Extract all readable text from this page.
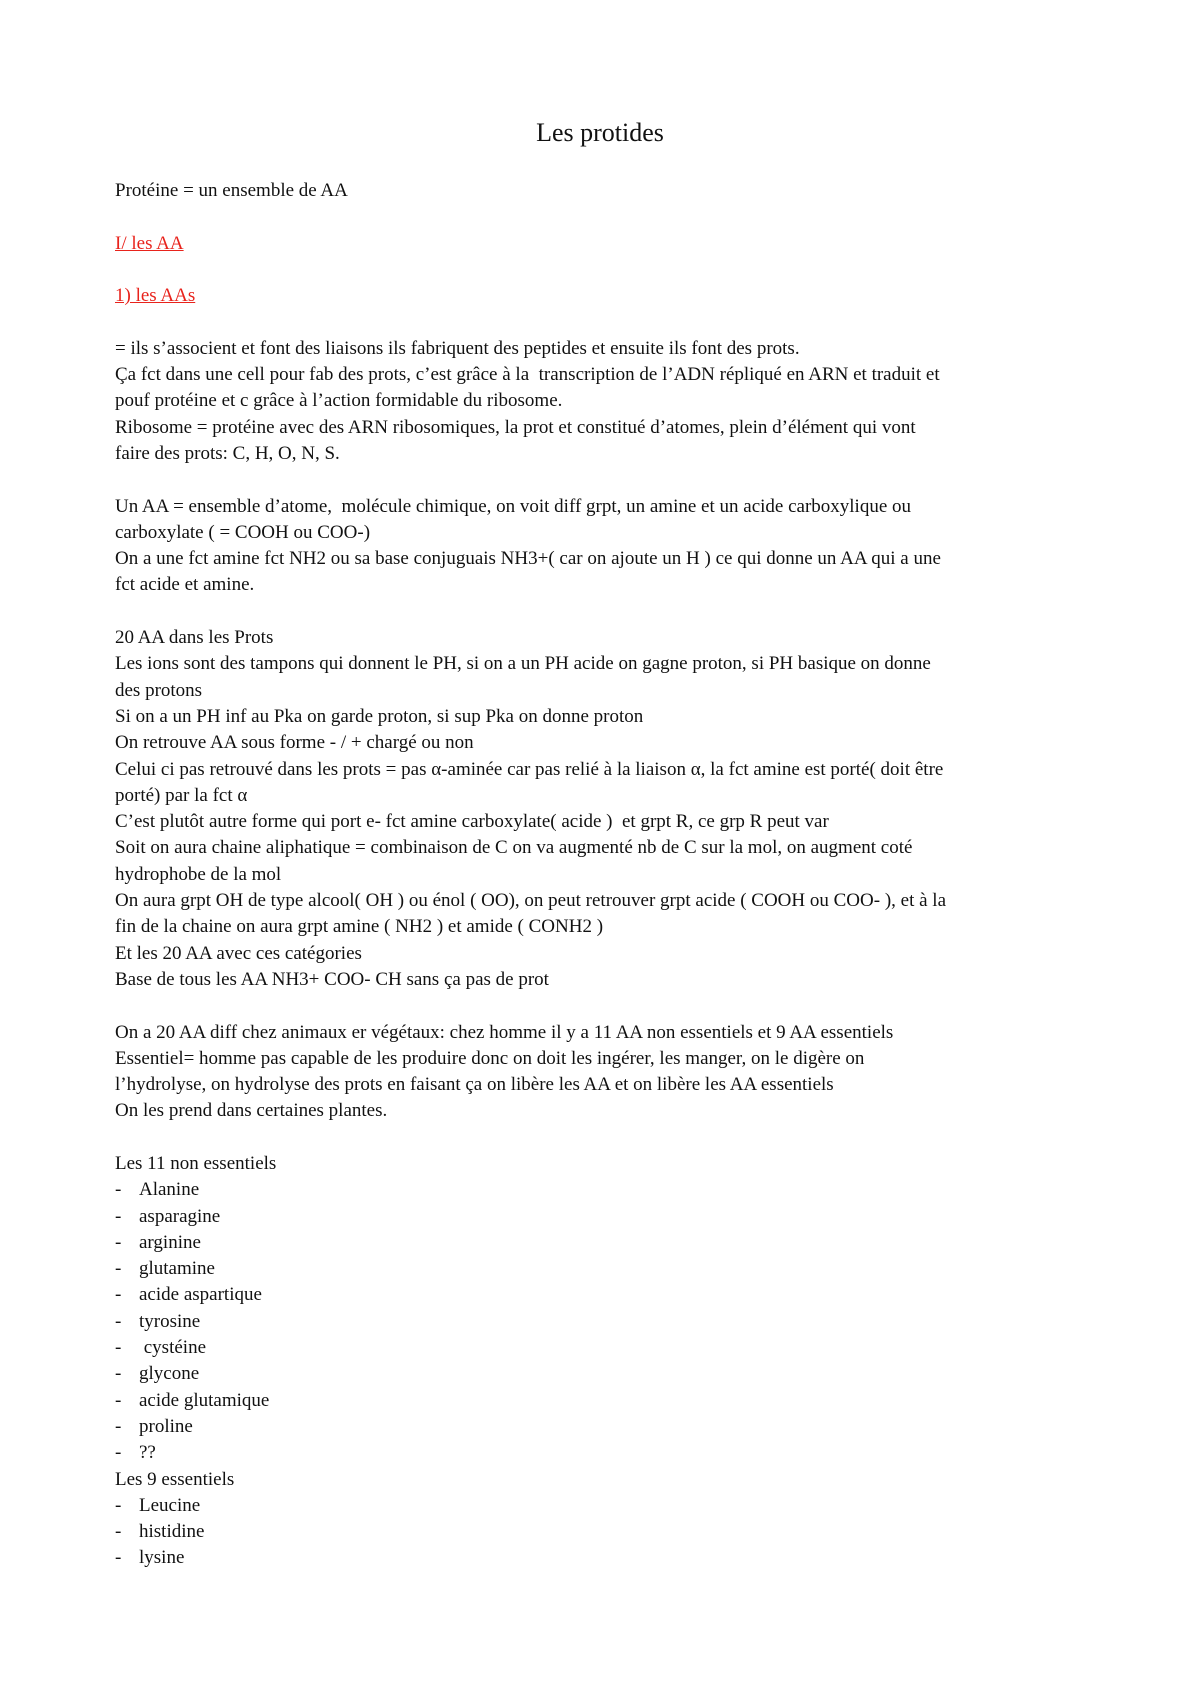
Les protides

Protéine = un ensemble de AA

I/ les AA

1) les AAs

= ils s’associent et font des liaisons ils fabriquent des peptides et ensuite ils font des prots.

Ça fct dans une cell pour fab des prots, c’est grâce à la  transcription de l’ADN répliqué en ARN et traduit et

pouf protéine et c grâce à l’action formidable du ribosome.

Ribosome = protéine avec des ARN ribosomiques, la prot et constitué d’atomes, plein d’élément qui vont

faire des prots: C, H, O, N, S.

Un AA = ensemble d’atome,  molécule chimique, on voit diff grpt, un amine et un acide carboxylique ou

carboxylate ( = COOH ou COO-)

On a une fct amine fct NH2 ou sa base conjuguais NH3+( car on ajoute un H ) ce qui donne un AA qui a une

fct acide et amine.

20 AA dans les Prots

Les ions sont des tampons qui donnent le PH, si on a un PH acide on gagne proton, si PH basique on donne

des protons

Si on a un PH inf au Pka on garde proton, si sup Pka on donne proton

On retrouve AA sous forme - / + chargé ou non

Celui ci pas retrouvé dans les prots = pas α-aminée car pas relié à la liaison α, la fct amine est porté( doit être

porté) par la fct α

C’est plutôt autre forme qui port e- fct amine carboxylate( acide )  et grpt R, ce grp R peut var

Soit on aura chaine aliphatique = combinaison de C on va augmenté nb de C sur la mol, on augment coté

hydrophobe de la mol

On aura grpt OH de type alcool( OH ) ou énol ( OO), on peut retrouver grpt acide ( COOH ou COO- ), et à la

fin de la chaine on aura grpt amine ( NH2 ) et amide ( CONH2 )

Et les 20 AA avec ces catégories

Base de tous les AA NH3+ COO- CH sans ça pas de prot

On a 20 AA diff chez animaux er végétaux: chez homme il y a 11 AA non essentiels et 9 AA essentiels

Essentiel= homme pas capable de les produire donc on doit les ingérer, les manger, on le digère on

l’hydrolyse, on hydrolyse des prots en faisant ça on libère les AA et on libère les AA essentiels

On les prend dans certaines plantes.

Les 11 non essentiels

- Alanine

- asparagine

- arginine

- glutamine

- acide aspartique

- tyrosine

- cystéine

- glycone

- acide glutamique

- proline

- ??

Les 9 essentiels

- Leucine

- histidine

- lysine
